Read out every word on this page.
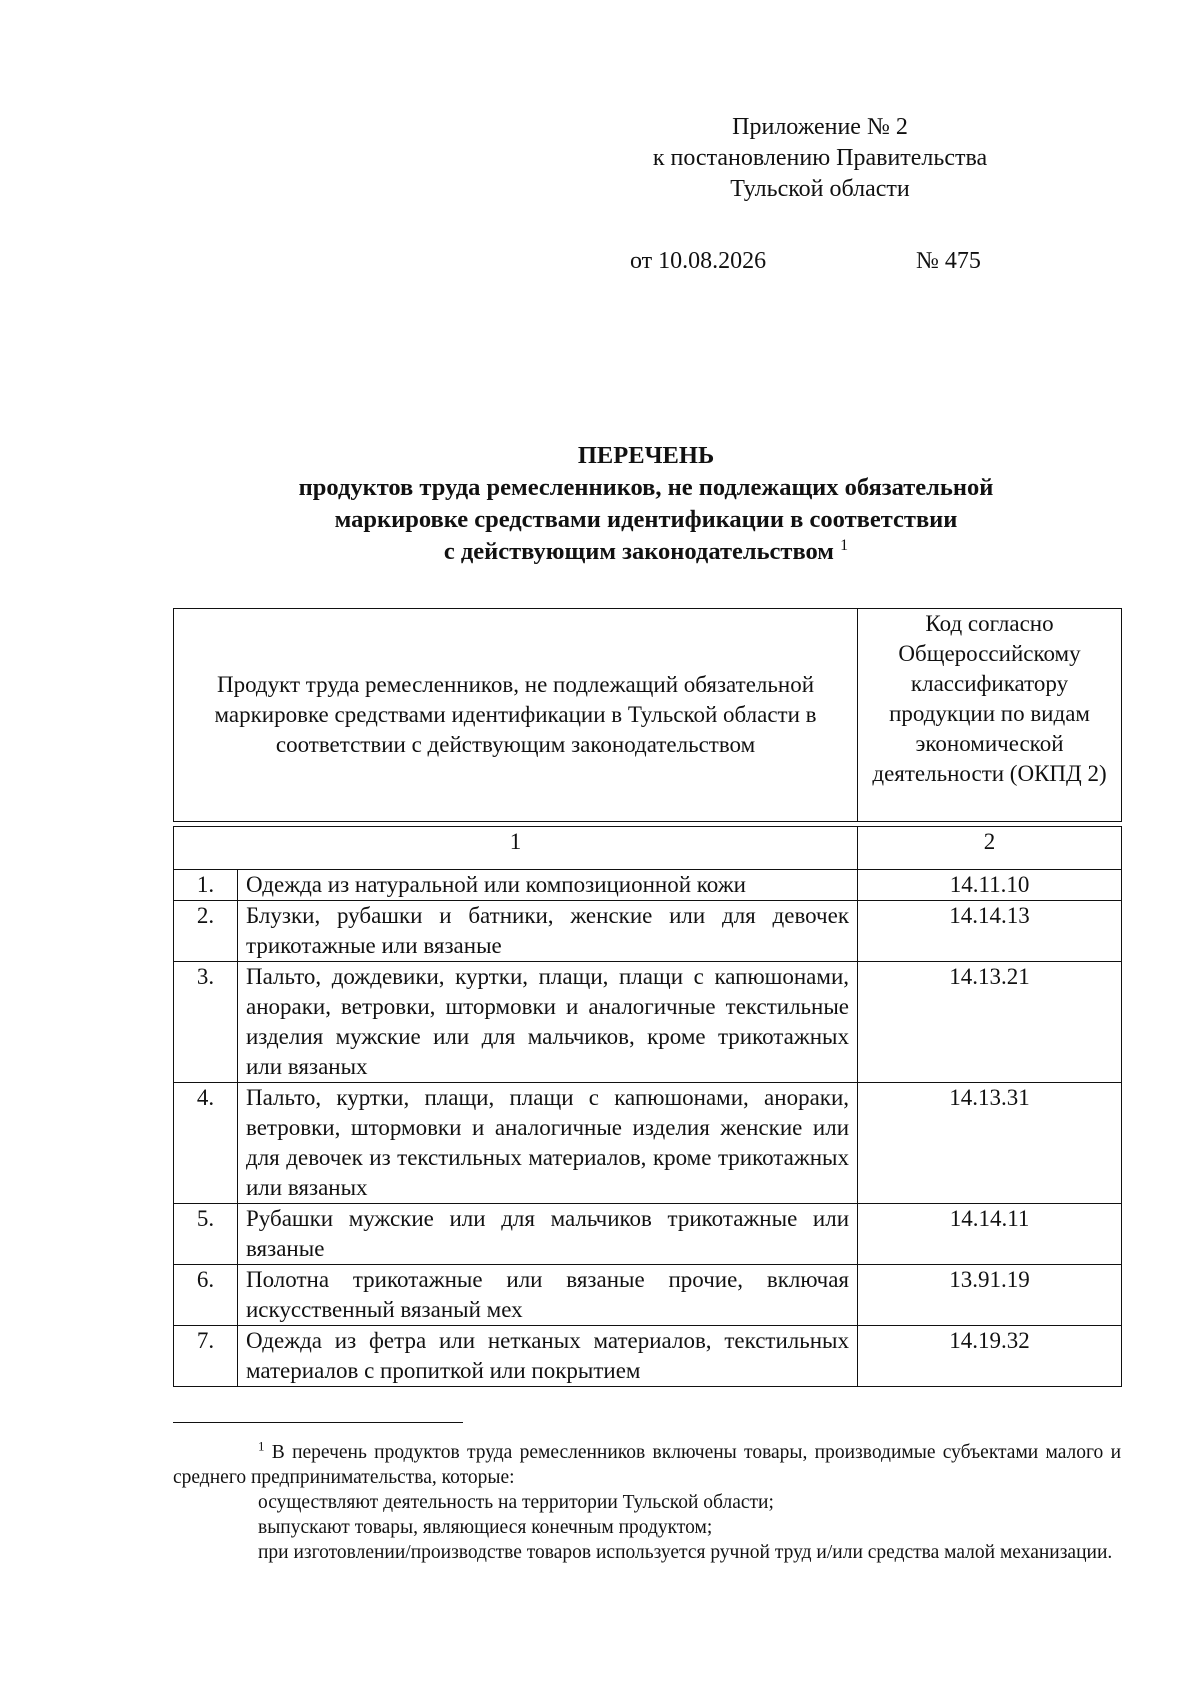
Приложение № 2
к постановлению Правительства
Тульской области
от 10.08.2026	№ 475
ПЕРЕЧЕНЬ
продуктов труда ремесленников, не подлежащих обязательной
маркировке средствами идентификации в соответствии
с действующим законодательством $^1$
Продукт труда ремесленников, не подлежащий обязательной маркировке средствами идентификации в Тульской области в соответствии с действующим законодательством		Код согласно Общероссийскому классификатору продукции по видам экономической деятельности (ОКПД 2)

1		2
1.	Одежда из натуральной или композиционной кожи	14.11.10
2.	Блузки, рубашки и батники, женские или для девочек трикотажные или вязаные	14.14.13
3.	Пальто, дождевики, куртки, плащи, плащи с капюшонами, анораки, ветровки, штормовки и аналогичные текстильные изделия мужские или для мальчиков, кроме трикотажных или вязаных	14.13.21
4.	Пальто, куртки, плащи, плащи с капюшонами, анораки, ветровки, штормовки и аналогичные изделия женские или для девочек из текстильных материалов, кроме трикотажных или вязаных	14.13.31
5.	Рубашки мужские или для мальчиков трикотажные или вязаные	14.14.11
6.	Полотна трикотажные или вязаные прочие, включая искусственный вязаный мех	13.91.19
7.	Одежда из фетра или нетканых материалов, текстильных материалов с пропиткой или покрытием	14.19.32

$^1$ В перечень продуктов труда ремесленников включены товары, производимые субъектами малого и среднего предпринимательства, которые:

осуществляют деятельность на территории Тульской области;

выпускают товары, являющиеся конечным продуктом;

при изготовлении/производстве товаров используется ручной труд и/или средства малой механизации.
